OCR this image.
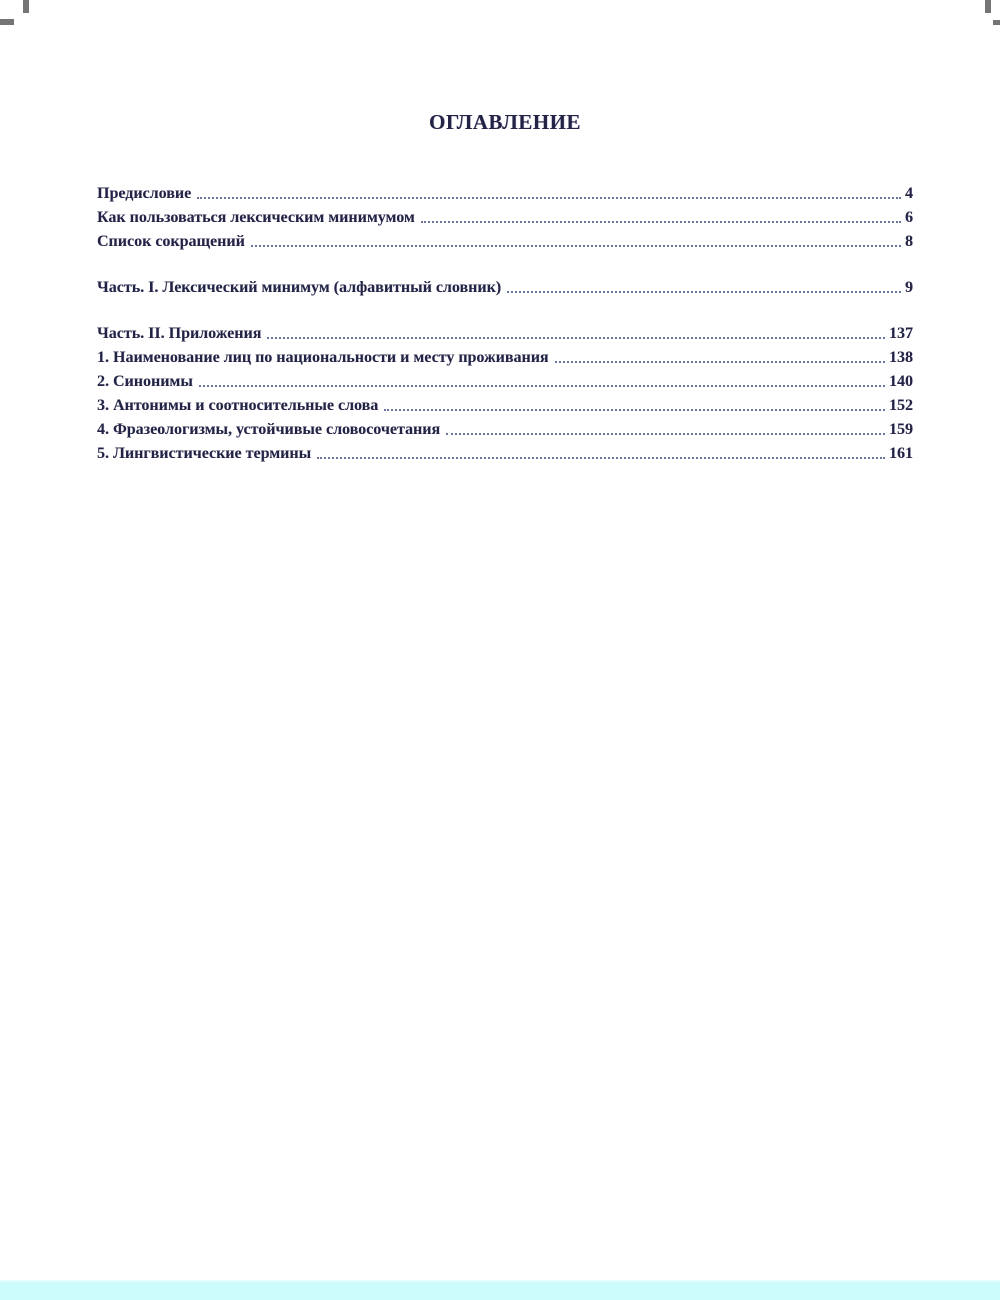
ОГЛАВЛЕНИЕ
Предисловие	4
Как пользоваться лексическим минимумом	6
Список сокращений	8
Часть. I. Лексический минимум (алфавитный словник)	9
Часть. II. Приложения	137
1. Наименование лиц по национальности и месту проживания	138
2. Синонимы	140
3. Антонимы и соотносительные слова	152
4. Фразеологизмы, устойчивые словосочетания	159
5. Лингвистические термины	161
